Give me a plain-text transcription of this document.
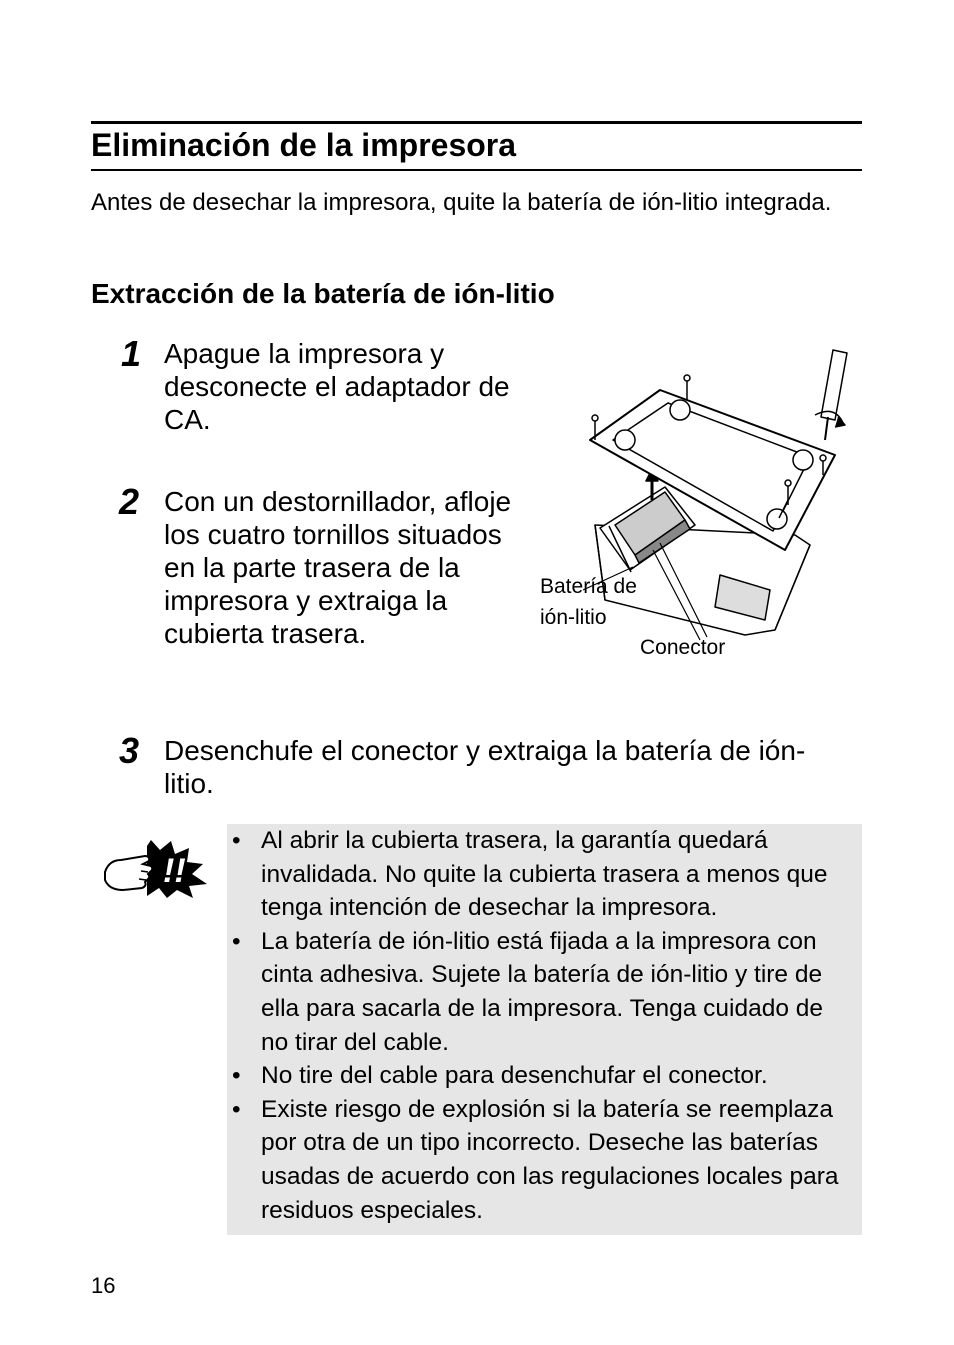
Eliminación de la impresora
Antes de desechar la impresora, quite la batería de ión-litio integrada.
Extracción de la batería de ión-litio
1 Apague la impresora y desconecte el adaptador de CA.
2 Con un destornillador, afloje los cuatro tornillos situados en la parte trasera de la impresora y extraiga la cubierta trasera.
3 Desenchufe el conector y extraiga la batería de ión-litio.
Batería de
ión-litio
Conector
!!
• Al abrir la cubierta trasera, la garantía quedará invalidada. No quite la cubierta trasera a menos que tenga intención de desechar la impresora.
• La batería de ión-litio está fijada a la impresora con cinta adhesiva. Sujete la batería de ión-litio y tire de ella para sacarla de la impresora. Tenga cuidado de no tirar del cable.
• No tire del cable para desenchufar el conector.
• Existe riesgo de explosión si la batería se reemplaza por otra de un tipo incorrecto. Deseche las baterías usadas de acuerdo con las regulaciones locales para residuos especiales.
16
